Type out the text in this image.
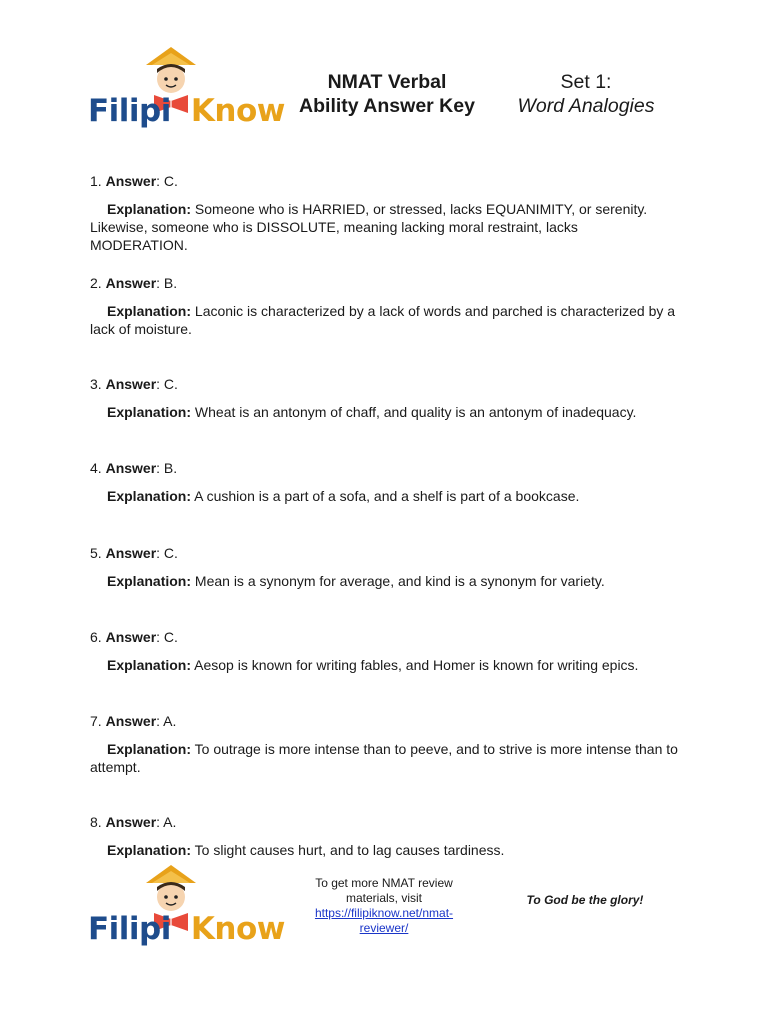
Filipi Know
NMAT Verbal
Ability Answer Key
Set 1:
Word Analogies

1. Answer: C.

Explanation: Someone who is HARRIED, or stressed, lacks EQUANIMITY, or serenity. Likewise, someone who is DISSOLUTE, meaning lacking moral restraint, lacks MODERATION.

2. Answer: B.

Explanation: Laconic is characterized by a lack of words and parched is characterized by a lack of moisture.

3. Answer: C.

Explanation: Wheat is an antonym of chaff, and quality is an antonym of inadequacy.

4. Answer: B.

Explanation: A cushion is a part of a sofa, and a shelf is part of a bookcase.

5. Answer: C.

Explanation: Mean is a synonym for average, and kind is a synonym for variety.

6. Answer: C.

Explanation: Aesop is known for writing fables, and Homer is known for writing epics.

7. Answer: A.

Explanation: To outrage is more intense than to peeve, and to strive is more intense than to attempt.

8. Answer: A.

Explanation: To slight causes hurt, and to lag causes tardiness.

Filipi Know
To get more NMAT review materials, visit
https://filipiknow.net/nmat-reviewer/
To God be the glory!
